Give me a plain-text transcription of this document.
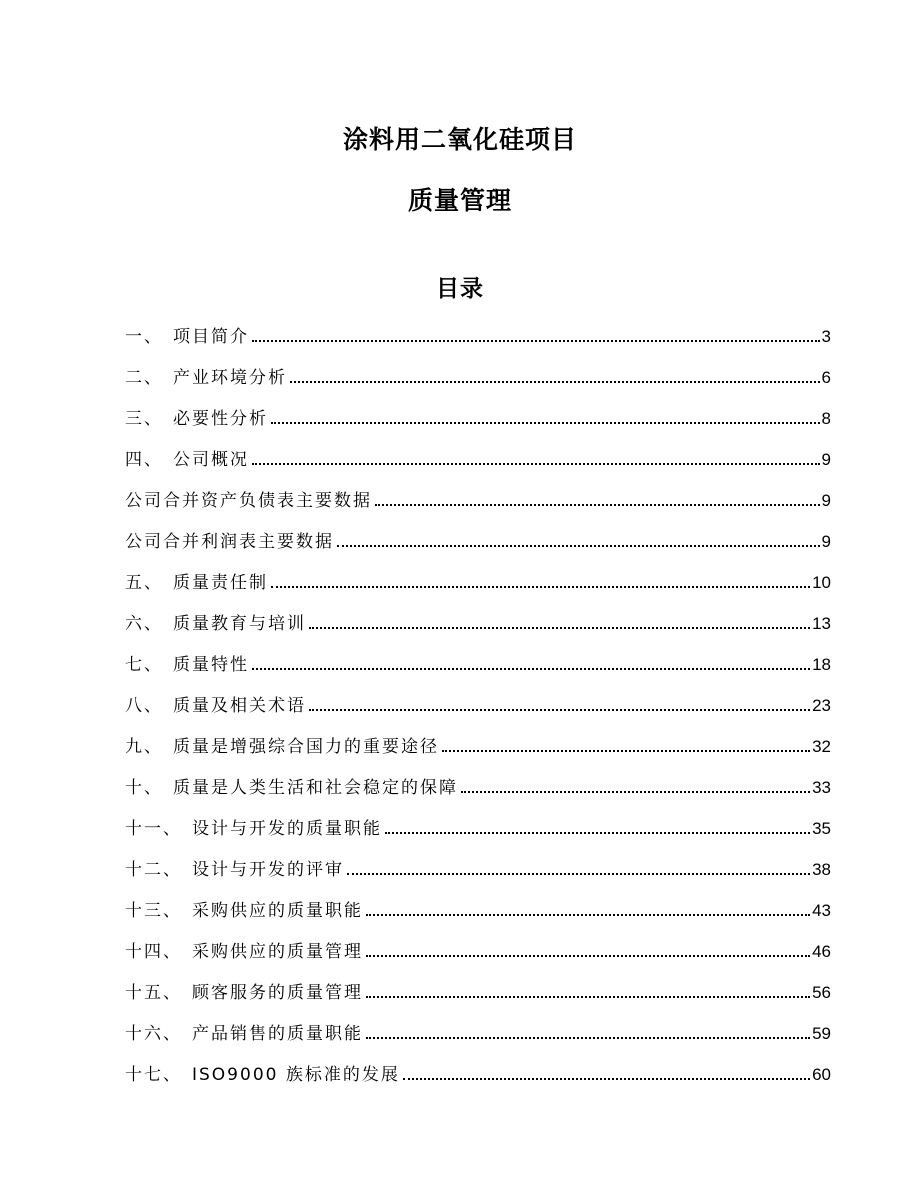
涂料用二氧化硅项目
质量管理
目录
一、 项目简介	3
二、 产业环境分析	6
三、 必要性分析	8
四、 公司概况	9
公司合并资产负债表主要数据	9
公司合并利润表主要数据	9
五、 质量责任制	10
六、 质量教育与培训	13
七、 质量特性	18
八、 质量及相关术语	23
九、 质量是增强综合国力的重要途径	32
十、 质量是人类生活和社会稳定的保障	33
十一、 设计与开发的质量职能	35
十二、 设计与开发的评审	38
十三、 采购供应的质量职能	43
十四、 采购供应的质量管理	46
十五、 顾客服务的质量管理	56
十六、 产品销售的质量职能	59
十七、 ISO9000 族标准的发展	60
